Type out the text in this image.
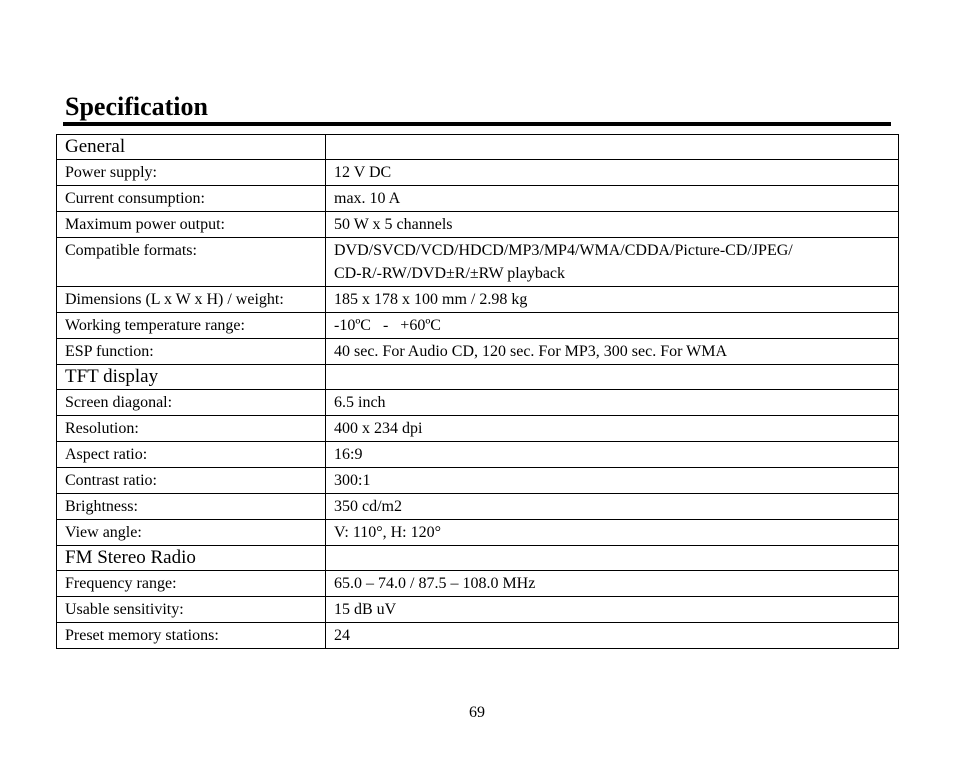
Specification
General	
Power supply:	12 V DC
Current consumption:	max. 10 A
Maximum power output:	50 W x 5 channels
Compatible formats:	DVD/SVCD/VCD/HDCD/MP3/MP4/WMA/CDDA/Picture-CD/JPEG/
CD-R/-RW/DVD±R/±RW playback

Dimensions (L x W x H) / weight:	185 x 178 x 100 mm / 2.98 kg
Working temperature range:	-10ºC   -   +60ºC
ESP function:	40 sec. For Audio CD, 120 sec. For MP3, 300 sec. For WMA
TFT display	
Screen diagonal:	6.5 inch
Resolution:	400 x 234 dpi
Aspect ratio:	16:9
Contrast ratio:	300:1
Brightness:	350 cd/m2
View angle:	V: 110°, H: 120°
FM Stereo Radio	
Frequency range:	65.0 – 74.0 / 87.5 – 108.0 MHz
Usable sensitivity:	15 dB uV
Preset memory stations:	24
69
